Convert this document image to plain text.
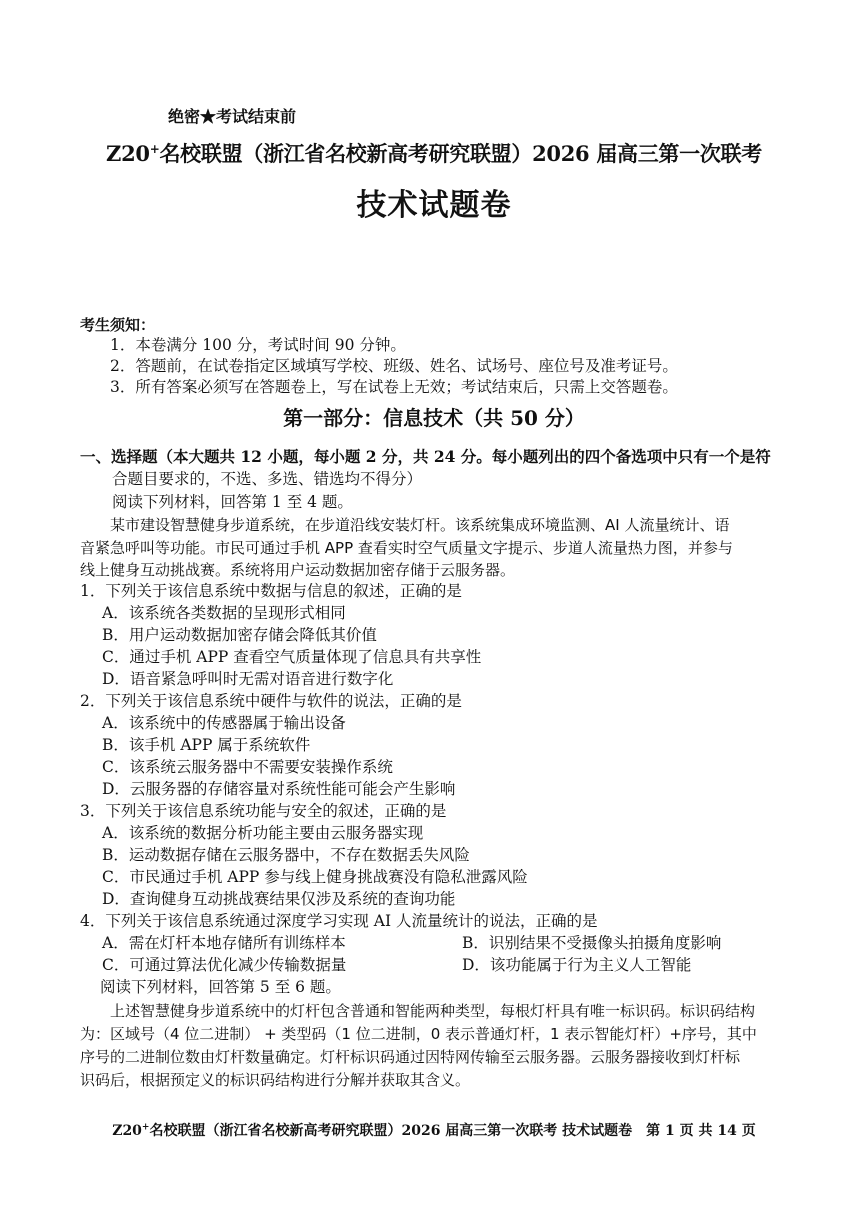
绝密★考试结束前
Z20+名校联盟（浙江省名校新高考研究联盟）2026 届高三第一次联考
技术试题卷
考生须知：
1．本卷满分 100 分，考试时间 90 分钟。
2．答题前，在试卷指定区域填写学校、班级、姓名、试场号、座位号及准考证号。
3．所有答案必须写在答题卷上，写在试卷上无效；考试结束后，只需上交答题卷。
第一部分：信息技术（共 50 分）
一、选择题（本大题共 12 小题，每小题 2 分，共 24 分。每小题列出的四个备选项中只有一个是符
合题目要求的，不选、多选、错选均不得分）
阅读下列材料，回答第 1 至 4 题。
　　某市建设智慧健身步道系统，在步道沿线安装灯杆。该系统集成环境监测、AI 人流量统计、语
音紧急呼叫等功能。市民可通过手机 APP 查看实时空气质量文字提示、步道人流量热力图，并参与
线上健身互动挑战赛。系统将用户运动数据加密存储于云服务器。
1．下列关于该信息系统中数据与信息的叙述，正确的是
A．该系统各类数据的呈现形式相同
B．用户运动数据加密存储会降低其价值
C．通过手机 APP 查看空气质量体现了信息具有共享性
D．语音紧急呼叫时无需对语音进行数字化
2．下列关于该信息系统中硬件与软件的说法，正确的是
A．该系统中的传感器属于输出设备
B．该手机 APP 属于系统软件
C．该系统云服务器中不需要安装操作系统
D．云服务器的存储容量对系统性能可能会产生影响
3．下列关于该信息系统功能与安全的叙述，正确的是
A．该系统的数据分析功能主要由云服务器实现
B．运动数据存储在云服务器中，不存在数据丢失风险
C．市民通过手机 APP 参与线上健身挑战赛没有隐私泄露风险
D．查询健身互动挑战赛结果仅涉及系统的查询功能
4．下列关于该信息系统通过深度学习实现 AI 人流量统计的说法，正确的是
A．需在灯杆本地存储所有训练样本	B．识别结果不受摄像头拍摄角度影响
C．可通过算法优化减少传输数据量	D．该功能属于行为主义人工智能
阅读下列材料，回答第 5 至 6 题。
　　上述智慧健身步道系统中的灯杆包含普通和智能两种类型，每根灯杆具有唯一标识码。标识码结构
为：区域号（4 位二进制） + 类型码（1 位二进制，0 表示普通灯杆，1 表示智能灯杆）+序号，其中
序号的二进制位数由灯杆数量确定。灯杆标识码通过因特网传输至云服务器。云服务器接收到灯杆标
识码后，根据预定义的标识码结构进行分解并获取其含义。
Z20+名校联盟（浙江省名校新高考研究联盟）2026 届高三第一次联考 技术试题卷　第 1 页 共 14 页
